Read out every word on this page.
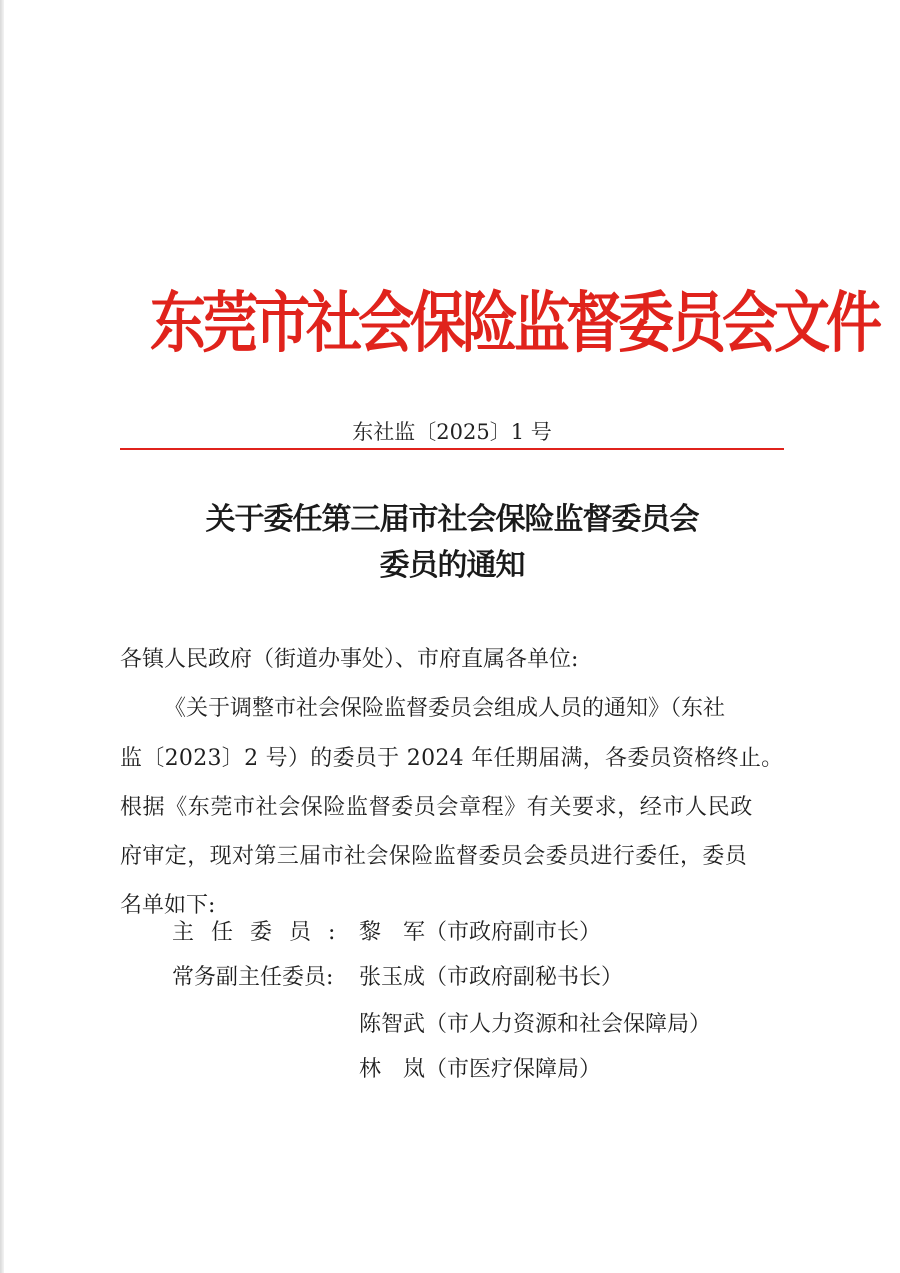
东莞市社会保险监督委员会文件
东社监〔2025〕1 号
关于委任第三届市社会保险监督委员会
委员的通知
各镇人民政府（街道办事处）、市府直属各单位:
《关于调整市社会保险监督委员会组成人员的通知》（东社
监〔2023〕2 号）的委员于 2024 年任期届满，各委员资格终止。
根据《东莞市社会保险监督委员会章程》有关要求，经市人民政
府审定，现对第三届市社会保险监督委员会委员进行委任，委员
名单如下:
主任委员:
常务副主任委员:
黎　军（市政府副市长）
张玉成（市政府副秘书长）
陈智武（市人力资源和社会保障局）
林　岚（市医疗保障局）
